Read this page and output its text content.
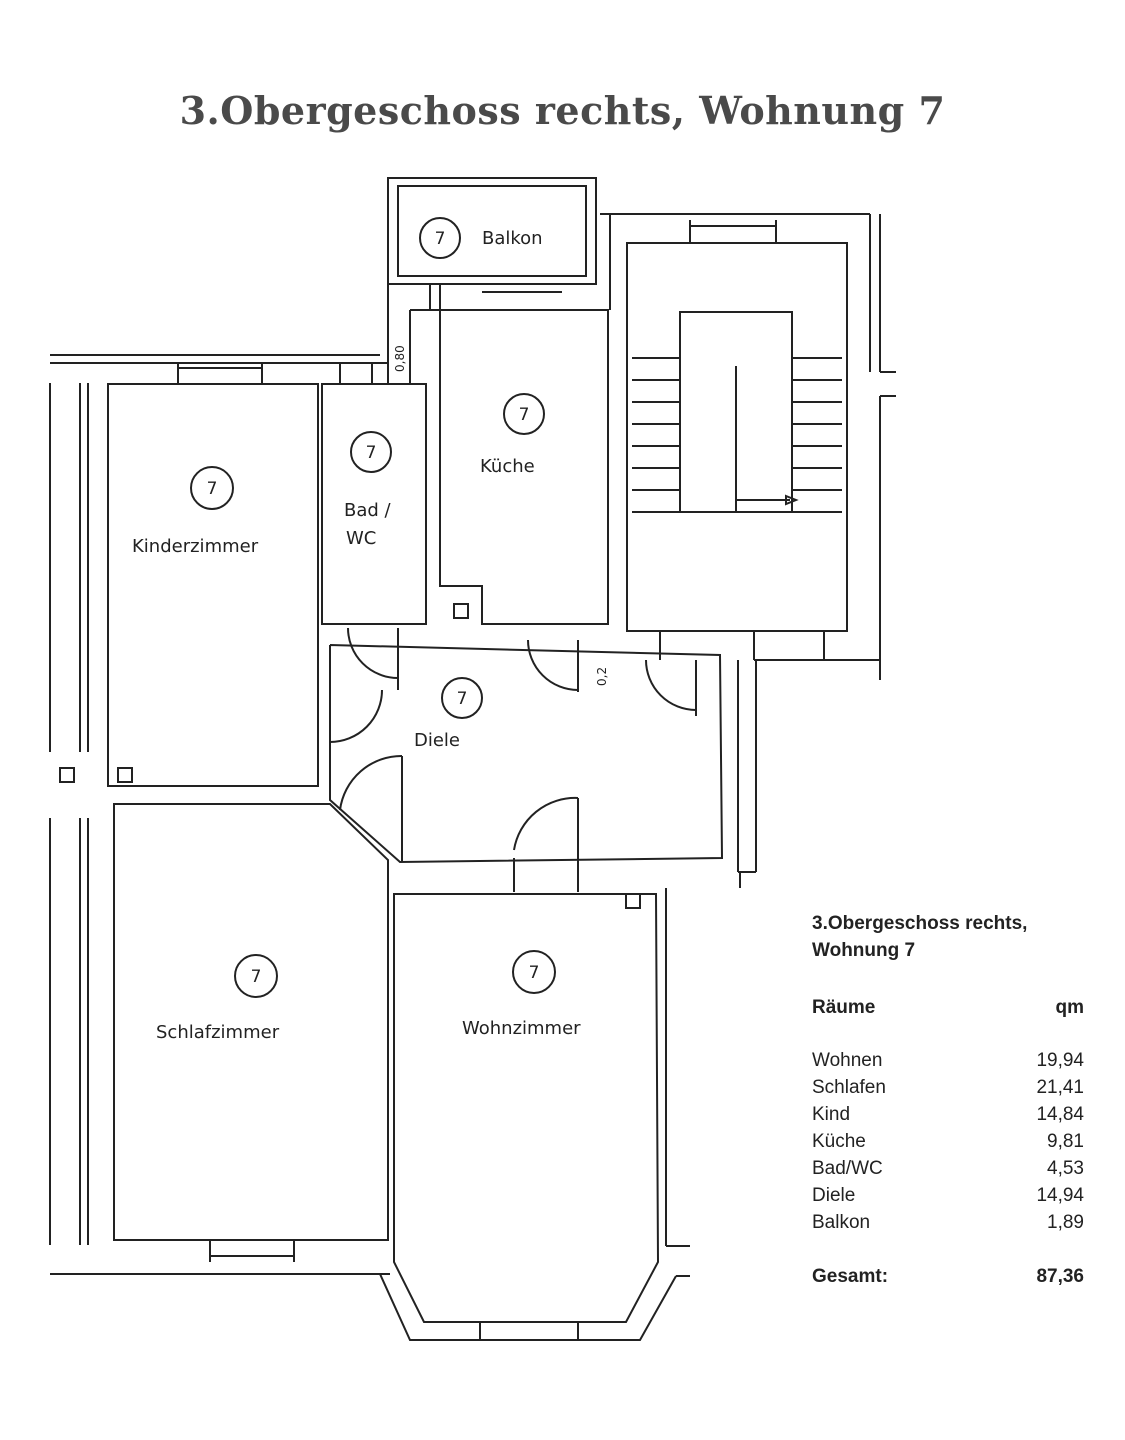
3.Obergeschoss rechts, Wohnung 7
7
7
7
7
7
7	7
Balkon
Küche
Bad / WC
Kinderzimmer
Diele
Schlafzimmer	Wohnzimmer
0,80
0,2
3.Obergeschoss rechts,
Wohnung 7
Räume	qm
Wohnen	19,94
Schlafen	21,41
Kind	14,84
Küche	9,81
Bad/WC	4,53
Diele	14,94
Balkon	1,89
Gesamt:	87,36
